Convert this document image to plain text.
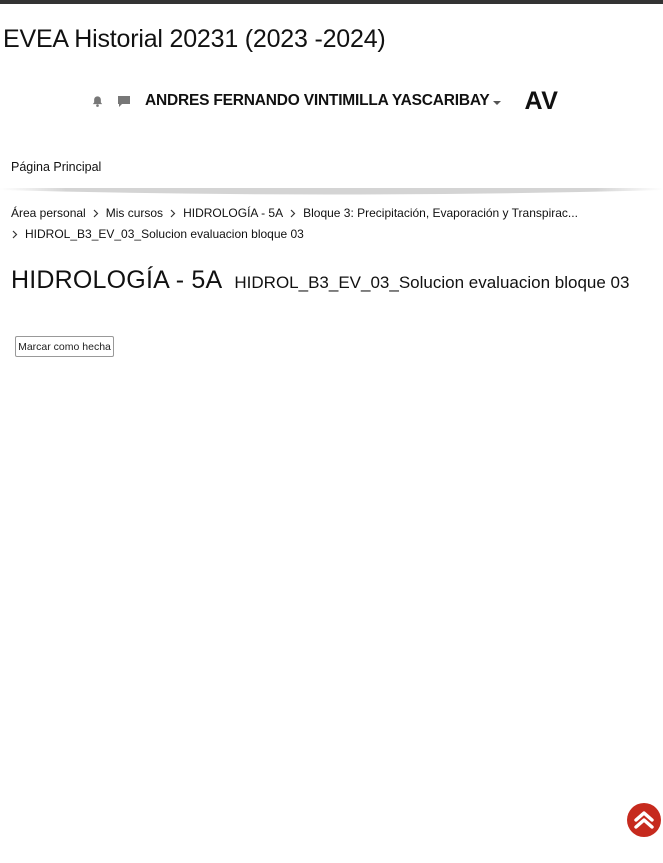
EVEA Historial 20231 (2023 -2024)
ANDRES FERNANDO VINTIMILLA YASCARIBAY AV
Página Principal
Área personal Mis cursos HIDROLOGÍA - 5A Bloque 3: Precipitación, Evaporación y Transpirac...
HIDROL_B3_EV_03_Solucion evaluacion bloque 03
HIDROLOGÍA - 5A HIDROL_B3_EV_03_Solucion evaluacion bloque 03
Marcar como hecha
